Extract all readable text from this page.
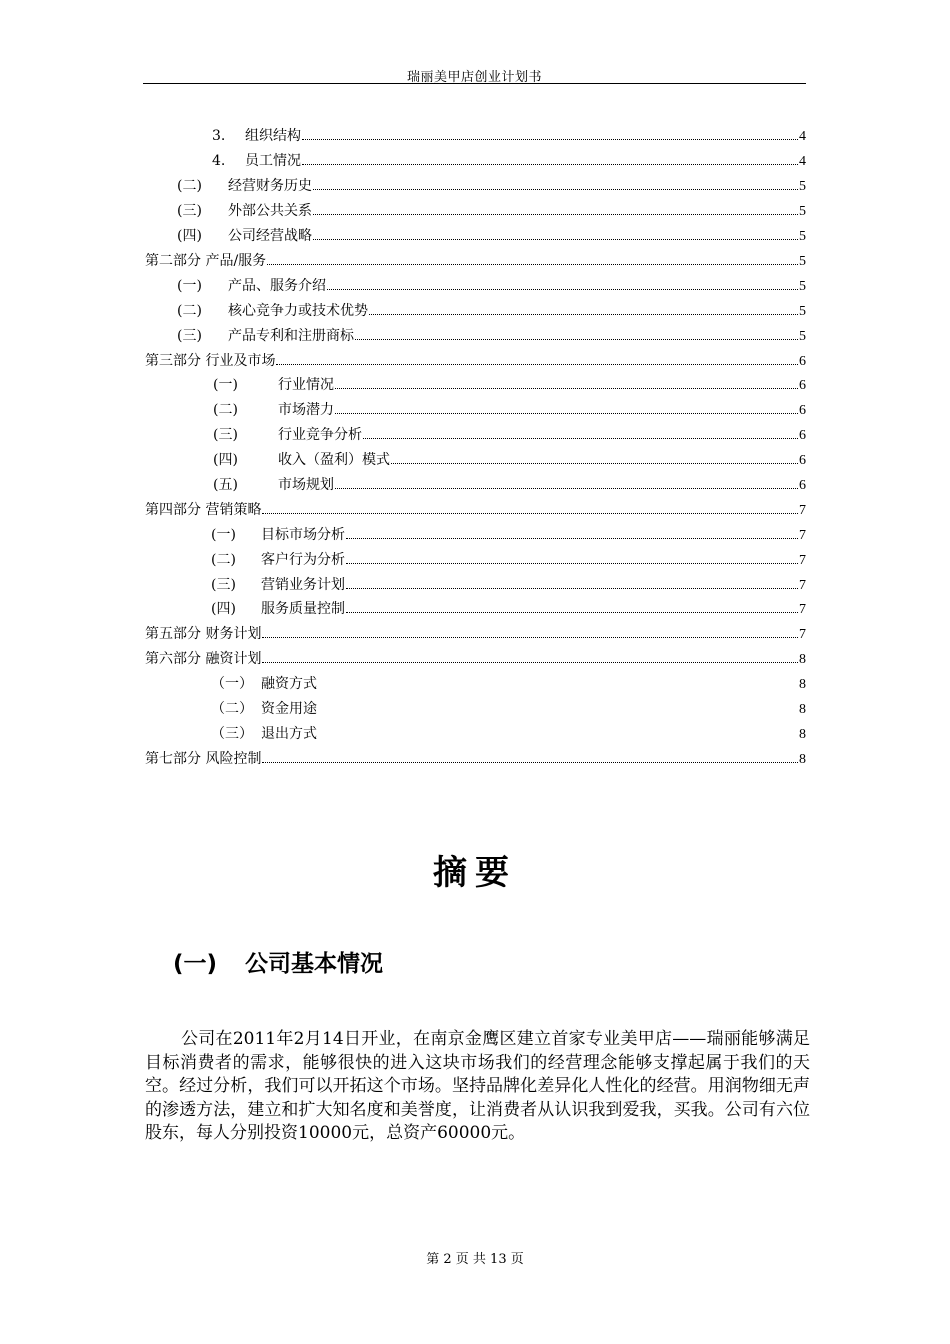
瑞丽美甲店创业计划书
3.	组织结构	4
4.	员工情况	4
(二)	经营财务历史	5
(三)	外部公共关系	5
(四)	公司经营战略	5
第二部分 产品/服务	5
(一)	产品、服务介绍	5
(二)	核心竞争力或技术优势	5
(三)	产品专利和注册商标	5
第三部分 行业及市场	6
(一)	行业情况	6
(二)	市场潜力	6
(三)	行业竞争分析	6
(四)	收入（盈利）模式	6
(五)	市场规划	6
第四部分 营销策略	7
(一)	目标市场分析	7
(二)	客户行为分析	7
(三)	营销业务计划	7
(四)	服务质量控制	7
第五部分 财务计划	7
第六部分 融资计划	8
（一） 融资方式	8
（二） 资金用途	8
（三） 退出方式	8
第七部分 风险控制	8
摘要
(一)	公司基本情况
公司在2011年2月14日开业，在南京金鹰区建立首家专业美甲店——瑞丽能够满足目标消费者的需求，能够很快的进入这块市场我们的经营理念能够支撑起属于我们的天空。经过分析，我们可以开拓这个市场。坚持品牌化差异化人性化的经营。用润物细无声的渗透方法，建立和扩大知名度和美誉度，让消费者从认识我到爱我，买我。公司有六位股东，每人分别投资10000元，总资产60000元。
第 2 页 共 13 页
